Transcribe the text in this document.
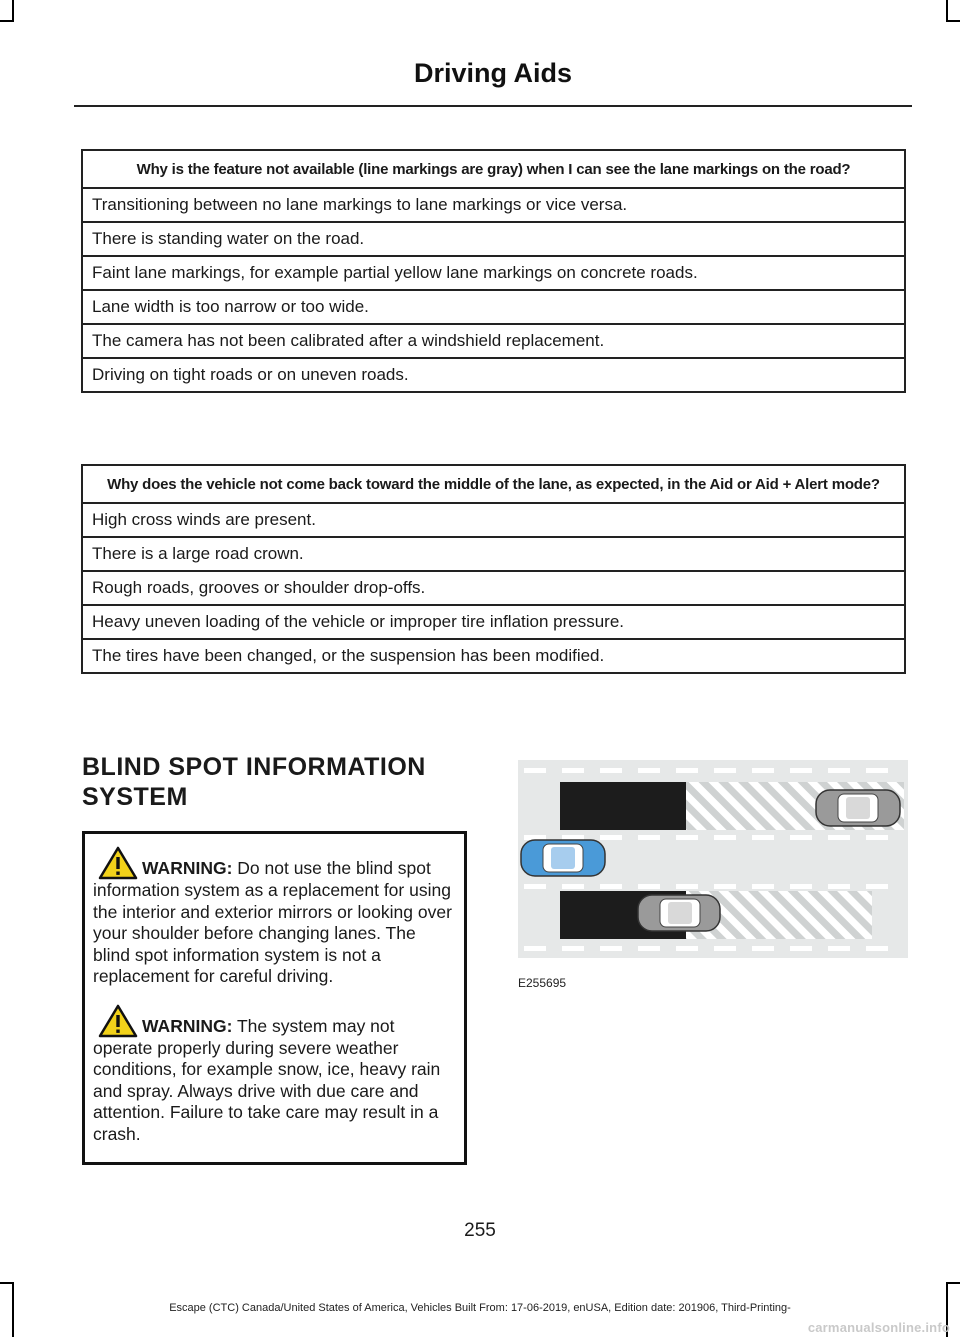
Driving Aids
Why is the feature not available (line markings are gray) when I can see the lane markings on the road?
Transitioning between no lane markings to lane markings or vice versa.
There is standing water on the road.
Faint lane markings, for example partial yellow lane markings on concrete roads.
Lane width is too narrow or too wide.
The camera has not been calibrated after a windshield replacement.
Driving on tight roads or on uneven roads.
Why does the vehicle not come back toward the middle of the lane, as expected, in the Aid or Aid + Alert mode?
High cross winds are present.
There is a large road crown.
Rough roads, grooves or shoulder drop-offs.
Heavy uneven loading of the vehicle or improper tire inflation pressure.
The tires have been changed, or the suspension has been modified.
BLIND SPOT INFORMATION
SYSTEM

WARNING: Do not use the blind spot information system as a replacement for using the interior and exterior mirrors or looking over your shoulder before changing lanes. The blind spot information system is not a replacement for careful driving.

WARNING: The system may not operate properly during severe weather conditions, for example snow, ice, heavy rain and spray. Always drive with due care and attention. Failure to take care may result in a crash.

E255695
255
Escape (CTC) Canada/United States of America, Vehicles Built From: 17-06-2019, enUSA, Edition date: 201906, Third-Printing-
carmanualsonline.info
